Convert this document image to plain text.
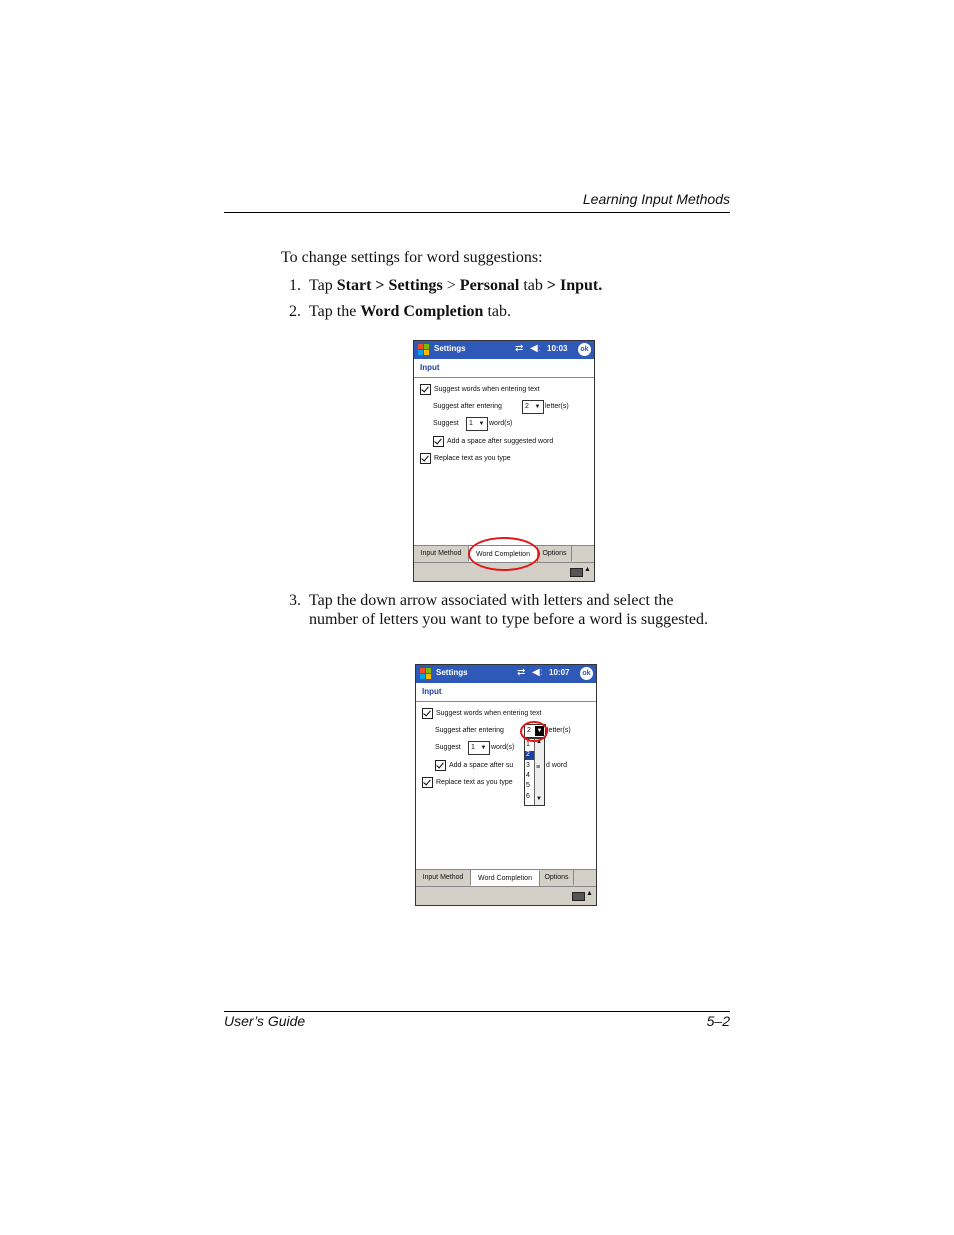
Learning Input Methods
To change settings for word suggestions:
1. Tap Start > Settings > Personal tab > Input.
2. Tap the Word Completion tab.
Settings	⇄ ◀ː 10:03	ok
Input
Suggest words when entering text
Suggest after entering	2 ▼ letter(s)
Suggest 1 ▼ word(s)
Add a space after suggested word
Replace text as you type
Input Method	Word Completion	Options
▲
3. Tap the down arrow associated with letters and select the number of letters you want to type before a word is suggested.
Settings	⇄ ◀ː 10:07	ok
Input
Suggest words when entering text
Suggest after entering	2 ▼ letter(s)
Suggest 1 ▼ word(s)
Add a space after su	d word
Replace text as you type
1
2
3
4
5
6
▲
≡
▼
Input Method	Word Completion	Options
▲
User’s Guide	5–2
